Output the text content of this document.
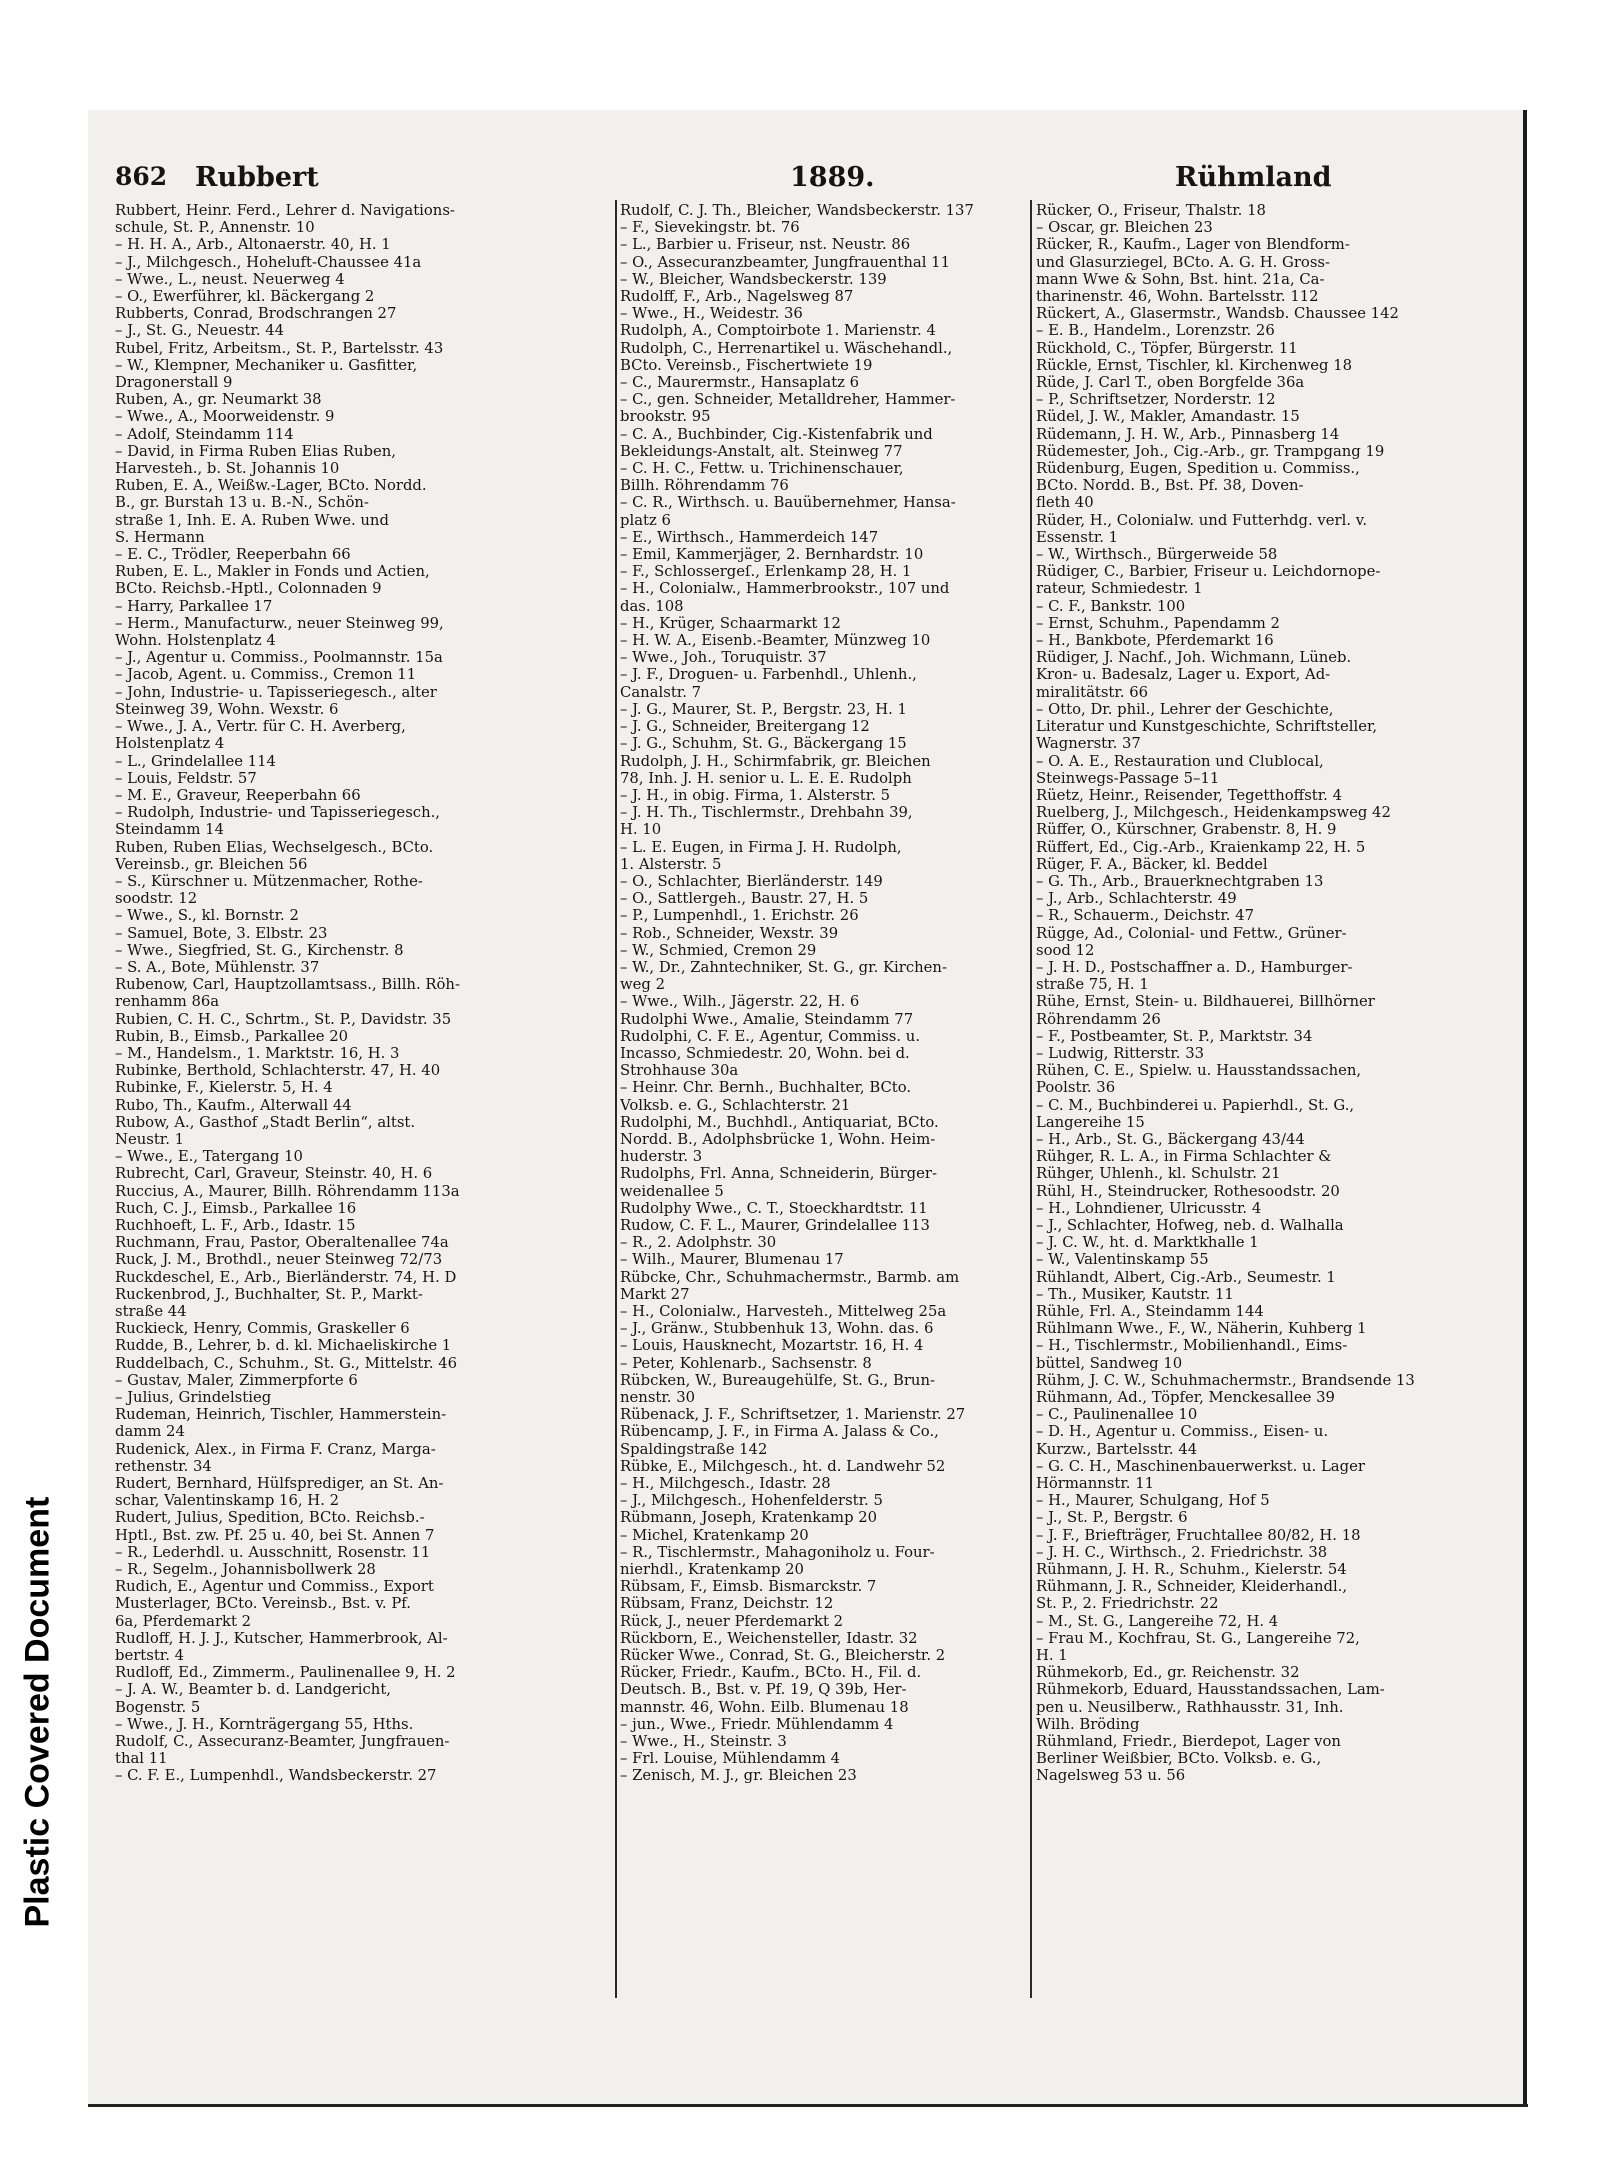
Plastic Covered Document
862 Rubbert	1889.	Rühmland
Rubbert, Heinr. Ferd., Lehrer d. Navigations-
schule, St. P., Annenstr. 10
– H. H. A., Arb., Altonaerstr. 40, H. 1
– J., Milchgesch., Hoheluft-Chaussee 41a
– Wwe., L., neust. Neuerweg 4
– O., Ewerführer, kl. Bäckergang 2
Rubberts, Conrad, Brodschrangen 27
– J., St. G., Neuestr. 44
Rubel, Fritz, Arbeitsm., St. P., Bartelsstr. 43
– W., Klempner, Mechaniker u. Gasfitter,
Dragonerstall 9
Ruben, A., gr. Neumarkt 38
– Wwe., A., Moorweidenstr. 9
– Adolf, Steindamm 114
– David, in Firma Ruben Elias Ruben,
Harvesteh., b. St. Johannis 10
Ruben, E. A., Weißw.-Lager, BCto. Nordd.
B., gr. Burstah 13 u. B.-N., Schön-
straße 1, Inh. E. A. Ruben Wwe. und
S. Hermann
– E. C., Trödler, Reeperbahn 66
Ruben, E. L., Makler in Fonds und Actien,
BCto. Reichsb.-Hptl., Colonnaden 9
– Harry, Parkallee 17
– Herm., Manufacturw., neuer Steinweg 99,
Wohn. Holstenplatz 4
– J., Agentur u. Commiss., Poolmannstr. 15a
– Jacob, Agent. u. Commiss., Cremon 11
– John, Industrie- u. Tapisseriegesch., alter
Steinweg 39, Wohn. Wexstr. 6
– Wwe., J. A., Vertr. für C. H. Averberg,
Holstenplatz 4
– L., Grindelallee 114
– Louis, Feldstr. 57
– M. E., Graveur, Reeperbahn 66
– Rudolph, Industrie- und Tapisseriegesch.,
Steindamm 14
Ruben, Ruben Elias, Wechselgesch., BCto.
Vereinsb., gr. Bleichen 56
– S., Kürschner u. Mützenmacher, Rothe-
soodstr. 12
– Wwe., S., kl. Bornstr. 2
– Samuel, Bote, 3. Elbstr. 23
– Wwe., Siegfried, St. G., Kirchenstr. 8
– S. A., Bote, Mühlenstr. 37
Rubenow, Carl, Hauptzollamtsass., Billh. Röh-
renhamm 86a
Rubien, C. H. C., Schrtm., St. P., Davidstr. 35
Rubin, B., Eimsb., Parkallee 20
– M., Handelsm., 1. Marktstr. 16, H. 3
Rubinke, Berthold, Schlachterstr. 47, H. 40
Rubinke, F., Kielerstr. 5, H. 4
Rubo, Th., Kaufm., Alterwall 44
Rubow, A., Gasthof „Stadt Berlin“, altst.
Neustr. 1
– Wwe., E., Tatergang 10
Rubrecht, Carl, Graveur, Steinstr. 40, H. 6
Ruccius, A., Maurer, Billh. Röhrendamm 113a
Ruch, C. J., Eimsb., Parkallee 16
Ruchhoeft, L. F., Arb., Idastr. 15
Ruchmann, Frau, Pastor, Oberaltenallee 74a
Ruck, J. M., Brothdl., neuer Steinweg 72/73
Ruckdeschel, E., Arb., Bierländerstr. 74, H. D
Ruckenbrod, J., Buchhalter, St. P., Markt-
straße 44
Ruckieck, Henry, Commis, Graskeller 6
Rudde, B., Lehrer, b. d. kl. Michaeliskirche 1
Ruddelbach, C., Schuhm., St. G., Mittelstr. 46
– Gustav, Maler, Zimmerpforte 6
– Julius, Grindelstieg
Rudeman, Heinrich, Tischler, Hammerstein-
damm 24
Rudenick, Alex., in Firma F. Cranz, Marga-
rethenstr. 34
Rudert, Bernhard, Hülfsprediger, an St. An-
schar, Valentinskamp 16, H. 2
Rudert, Julius, Spedition, BCto. Reichsb.-
Hptl., Bst. zw. Pf. 25 u. 40, bei St. Annen 7
– R., Lederhdl. u. Ausschnitt, Rosenstr. 11
– R., Segelm., Johannisbollwerk 28
Rudich, E., Agentur und Commiss., Export
Musterlager, BCto. Vereinsb., Bst. v. Pf.
6a, Pferdemarkt 2
Rudloff, H. J. J., Kutscher, Hammerbrook, Al-
bertstr. 4
Rudloff, Ed., Zimmerm., Paulinenallee 9, H. 2
– J. A. W., Beamter b. d. Landgericht,
Bogenstr. 5
– Wwe., J. H., Kornträgergang 55, Hths.
Rudolf, C., Assecuranz-Beamter, Jungfrauen-
thal 11
– C. F. E., Lumpenhdl., Wandsbeckerstr. 27
Rudolf, C. J. Th., Bleicher, Wandsbeckerstr. 137
– F., Sievekingstr. bt. 76
– L., Barbier u. Friseur, nst. Neustr. 86
– O., Assecuranzbeamter, Jungfrauenthal 11
– W., Bleicher, Wandsbeckerstr. 139
Rudolff, F., Arb., Nagelsweg 87
– Wwe., H., Weidestr. 36
Rudolph, A., Comptoirbote 1. Marienstr. 4
Rudolph, C., Herrenartikel u. Wäschehandl.,
BCto. Vereinsb., Fischertwiete 19
– C., Maurermstr., Hansaplatz 6
– C., gen. Schneider, Metalldreher, Hammer-
brookstr. 95
– C. A., Buchbinder, Cig.-Kistenfabrik und
Bekleidungs-Anstalt, alt. Steinweg 77
– C. H. C., Fettw. u. Trichinenschauer,
Billh. Röhrendamm 76
– C. R., Wirthsch. u. Bauübernehmer, Hansa-
platz 6
– E., Wirthsch., Hammerdeich 147
– Emil, Kammerjäger, 2. Bernhardstr. 10
– F., Schlossergeſ., Erlenkamp 28, H. 1
– H., Colonialw., Hammerbrookstr., 107 und
das. 108
– H., Krüger, Schaarmarkt 12
– H. W. A., Eisenb.-Beamter, Münzweg 10
– Wwe., Joh., Toruquistr. 37
– J. F., Droguen- u. Farbenhdl., Uhlenh.,
Canalstr. 7
– J. G., Maurer, St. P., Bergstr. 23, H. 1
– J. G., Schneider, Breitergang 12
– J. G., Schuhm, St. G., Bäckergang 15
Rudolph, J. H., Schirmfabrik, gr. Bleichen
78, Inh. J. H. senior u. L. E. E. Rudolph
– J. H., in obig. Firma, 1. Alsterstr. 5
– J. H. Th., Tischlermstr., Drehbahn 39,
H. 10
– L. E. Eugen, in Firma J. H. Rudolph,
1. Alsterstr. 5
– O., Schlachter, Bierländerstr. 149
– O., Sattlergeh., Baustr. 27, H. 5
– P., Lumpenhdl., 1. Erichstr. 26
– Rob., Schneider, Wexstr. 39
– W., Schmied, Cremon 29
– W., Dr., Zahntechniker, St. G., gr. Kirchen-
weg 2
– Wwe., Wilh., Jägerstr. 22, H. 6
Rudolphi Wwe., Amalie, Steindamm 77
Rudolphi, C. F. E., Agentur, Commiss. u.
Incasso, Schmiedestr. 20, Wohn. bei d.
Strohhause 30a
– Heinr. Chr. Bernh., Buchhalter, BCto.
Volksb. e. G., Schlachterstr. 21
Rudolphi, M., Buchhdl., Antiquariat, BCto.
Nordd. B., Adolphsbrücke 1, Wohn. Heim-
huderstr. 3
Rudolphs, Frl. Anna, Schneiderin, Bürger-
weidenallee 5
Rudolphy Wwe., C. T., Stoeckhardtstr. 11
Rudow, C. F. L., Maurer, Grindelallee 113
– R., 2. Adolphstr. 30
– Wilh., Maurer, Blumenau 17
Rübcke, Chr., Schuhmachermstr., Barmb. am
Markt 27
– H., Colonialw., Harvesteh., Mittelweg 25a
– J., Gränw., Stubbenhuk 13, Wohn. das. 6
– Louis, Hausknecht, Mozartstr. 16, H. 4
– Peter, Kohlenarb., Sachsenstr. 8
Rübcken, W., Bureaugehülfe, St. G., Brun-
nenstr. 30
Rübenack, J. F., Schriftsetzer, 1. Marienstr. 27
Rübencamp, J. F., in Firma A. Jalass & Co.,
Spaldingstraße 142
Rübke, E., Milchgesch., ht. d. Landwehr 52
– H., Milchgesch., Idastr. 28
– J., Milchgesch., Hohenfelderstr. 5
Rübmann, Joseph, Kratenkamp 20
– Michel, Kratenkamp 20
– R., Tischlermstr., Mahagoniholz u. Four-
nierhdl., Kratenkamp 20
Rübsam, F., Eimsb. Bismarckstr. 7
Rübsam, Franz, Deichstr. 12
Rück, J., neuer Pferdemarkt 2
Rückborn, E., Weichensteller, Idastr. 32
Rücker Wwe., Conrad, St. G., Bleicherstr. 2
Rücker, Friedr., Kaufm., BCto. H., Fil. d.
Deutsch. B., Bst. v. Pf. 19, Q 39b, Her-
mannstr. 46, Wohn. Eilb. Blumenau 18
– jun., Wwe., Friedr. Mühlendamm 4
– Wwe., H., Steinstr. 3
– Frl. Louise, Mühlendamm 4
– Zenisch, M. J., gr. Bleichen 23
Rücker, O., Friseur, Thalstr. 18
– Oscar, gr. Bleichen 23
Rücker, R., Kaufm., Lager von Blendform-
und Glasurziegel, BCto. A. G. H. Gross-
mann Wwe & Sohn, Bst. hint. 21a, Ca-
tharinenstr. 46, Wohn. Bartelsstr. 112
Rückert, A., Glasermstr., Wandsb. Chaussee 142
– E. B., Handelm., Lorenzstr. 26
Rückhold, C., Töpfer, Bürgerstr. 11
Rückle, Ernst, Tischler, kl. Kirchenweg 18
Rüde, J. Carl T., oben Borgfelde 36a
– P., Schriftsetzer, Norderstr. 12
Rüdel, J. W., Makler, Amandastr. 15
Rüdemann, J. H. W., Arb., Pinnasberg 14
Rüdemester, Joh., Cig.-Arb., gr. Trampgang 19
Rüdenburg, Eugen, Spedition u. Commiss.,
BCto. Nordd. B., Bst. Pf. 38, Doven-
fleth 40
Rüder, H., Colonialw. und Futterhdg. verl. v.
Essenstr. 1
– W., Wirthsch., Bürgerweide 58
Rüdiger, C., Barbier, Friseur u. Leichdornope-
rateur, Schmiedestr. 1
– C. F., Bankstr. 100
– Ernst, Schuhm., Papendamm 2
– H., Bankbote, Pferdemarkt 16
Rüdiger, J. Nachf., Joh. Wichmann, Lüneb.
Kron- u. Badesalz, Lager u. Export, Ad-
miralitätstr. 66
– Otto, Dr. phil., Lehrer der Geschichte,
Literatur und Kunstgeschichte, Schriftsteller,
Wagnerstr. 37
– O. A. E., Restauration und Clublocal,
Steinwegs-Passage 5–11
Rüetz, Heinr., Reisender, Tegetthoffstr. 4
Ruelberg, J., Milchgesch., Heidenkampsweg 42
Rüffer, O., Kürschner, Grabenstr. 8, H. 9
Rüffert, Ed., Cig.-Arb., Kraienkamp 22, H. 5
Rüger, F. A., Bäcker, kl. Beddel
– G. Th., Arb., Brauerknechtgraben 13
– J., Arb., Schlachterstr. 49
– R., Schauerm., Deichstr. 47
Rügge, Ad., Colonial- und Fettw., Grüner-
sood 12
– J. H. D., Postschaffner a. D., Hamburger-
straße 75, H. 1
Rühe, Ernst, Stein- u. Bildhauerei, Billhörner
Röhrendamm 26
– F., Postbeamter, St. P., Marktstr. 34
– Ludwig, Ritterstr. 33
Rühen, C. E., Spielw. u. Hausstandssachen,
Poolstr. 36
– C. M., Buchbinderei u. Papierhdl., St. G.,
Langereihe 15
– H., Arb., St. G., Bäckergang 43/44
Rühger, R. L. A., in Firma Schlachter &
Rühger, Uhlenh., kl. Schulstr. 21
Rühl, H., Steindrucker, Rothesoodstr. 20
– H., Lohndiener, Ulricusstr. 4
– J., Schlachter, Hofweg, neb. d. Walhalla
– J. C. W., ht. d. Marktkhalle 1
– W., Valentinskamp 55
Rühlandt, Albert, Cig.-Arb., Seumestr. 1
– Th., Musiker, Kautstr. 11
Rühle, Frl. A., Steindamm 144
Rühlmann Wwe., F., W., Näherin, Kuhberg 1
– H., Tischlermstr., Mobilienhandl., Eims-
büttel, Sandweg 10
Rühm, J. C. W., Schuhmachermstr., Brandsende 13
Rühmann, Ad., Töpfer, Menckesallee 39
– C., Paulinenallee 10
– D. H., Agentur u. Commiss., Eisen- u.
Kurzw., Bartelsstr. 44
– G. C. H., Maschinenbauerwerkst. u. Lager
Hörmannstr. 11
– H., Maurer, Schulgang, Hof 5
– J., St. P., Bergstr. 6
– J. F., Briefträger, Fruchtallee 80/82, H. 18
– J. H. C., Wirthsch., 2. Friedrichstr. 38
Rühmann, J. H. R., Schuhm., Kielerstr. 54
Rühmann, J. R., Schneider, Kleiderhandl.,
St. P., 2. Friedrichstr. 22
– M., St. G., Langereihe 72, H. 4
– Frau M., Kochfrau, St. G., Langereihe 72,
H. 1
Rühmekorb, Ed., gr. Reichenstr. 32
Rühmekorb, Eduard, Hausstandssachen, Lam-
pen u. Neusilberw., Rathhausstr. 31, Inh.
Wilh. Bröding
Rühmland, Friedr., Bierdepot, Lager von
Berliner Weißbier, BCto. Volksb. e. G.,
Nagelsweg 53 u. 56
